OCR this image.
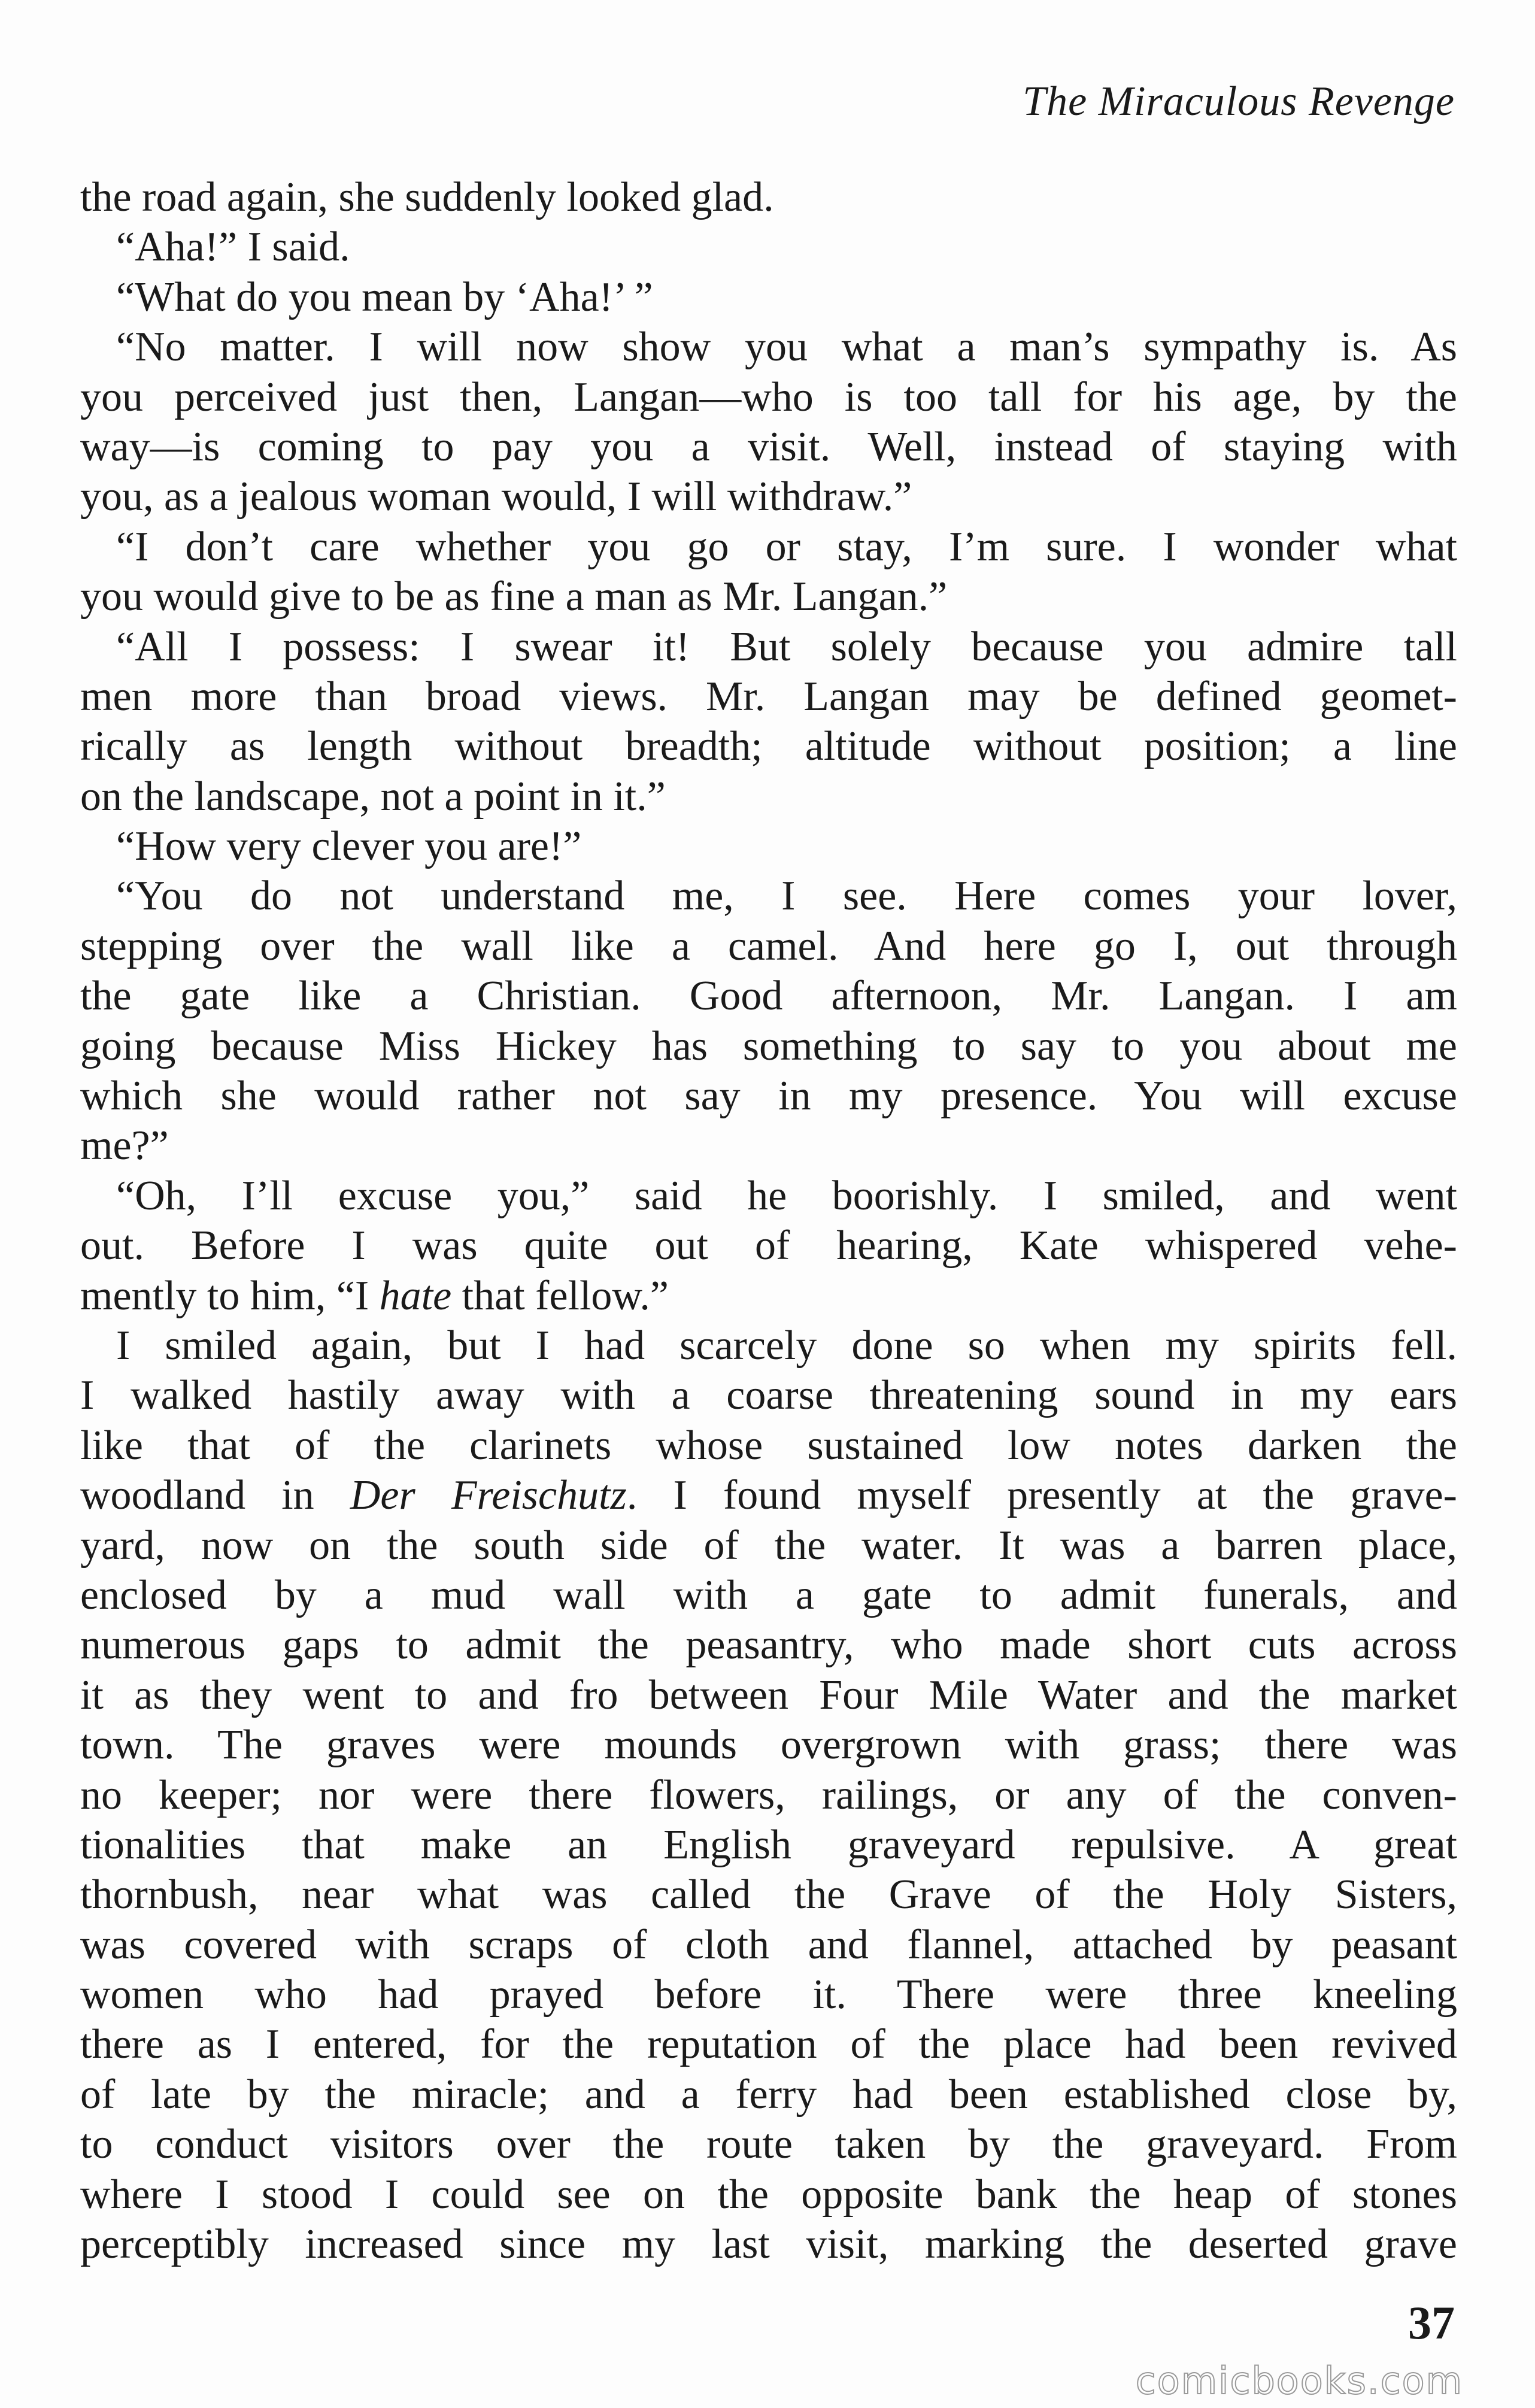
The Miraculous Revenge
the road again, she suddenly looked glad.
“Aha!” I said.
“What do you mean by ‘Aha!’ ”
“No matter. I will now show you what a man’s sympathy is. As
you perceived just then, Langan—who is too tall for his age, by the
way—is coming to pay you a visit. Well, instead of staying with
you, as a jealous woman would, I will withdraw.”
“I don’t care whether you go or stay, I’m sure. I wonder what
you would give to be as fine a man as Mr. Langan.”
“All I possess: I swear it! But solely because you admire tall
men more than broad views. Mr. Langan may be defined geomet-
rically as length without breadth; altitude without position; a line
on the landscape, not a point in it.”
“How very clever you are!”
“You do not understand me, I see. Here comes your lover,
stepping over the wall like a camel. And here go I, out through
the gate like a Christian. Good afternoon, Mr. Langan. I am
going because Miss Hickey has something to say to you about me
which she would rather not say in my presence. You will excuse
me?”
“Oh, I’ll excuse you,” said he boorishly. I smiled, and went
out. Before I was quite out of hearing, Kate whispered vehe-
mently to him, “I hate that fellow.”
I smiled again, but I had scarcely done so when my spirits fell.
I walked hastily away with a coarse threatening sound in my ears
like that of the clarinets whose sustained low notes darken the
woodland in Der Freischutz. I found myself presently at the grave-
yard, now on the south side of the water. It was a barren place,
enclosed by a mud wall with a gate to admit funerals, and
numerous gaps to admit the peasantry, who made short cuts across
it as they went to and fro between Four Mile Water and the market
town. The graves were mounds overgrown with grass; there was
no keeper; nor were there flowers, railings, or any of the conven-
tionalities that make an English graveyard repulsive. A great
thornbush, near what was called the Grave of the Holy Sisters,
was covered with scraps of cloth and flannel, attached by peasant
women who had prayed before it. There were three kneeling
there as I entered, for the reputation of the place had been revived
of late by the miracle; and a ferry had been established close by,
to conduct visitors over the route taken by the graveyard. From
where I stood I could see on the opposite bank the heap of stones
perceptibly increased since my last visit, marking the deserted grave
37
comicbooks.com
